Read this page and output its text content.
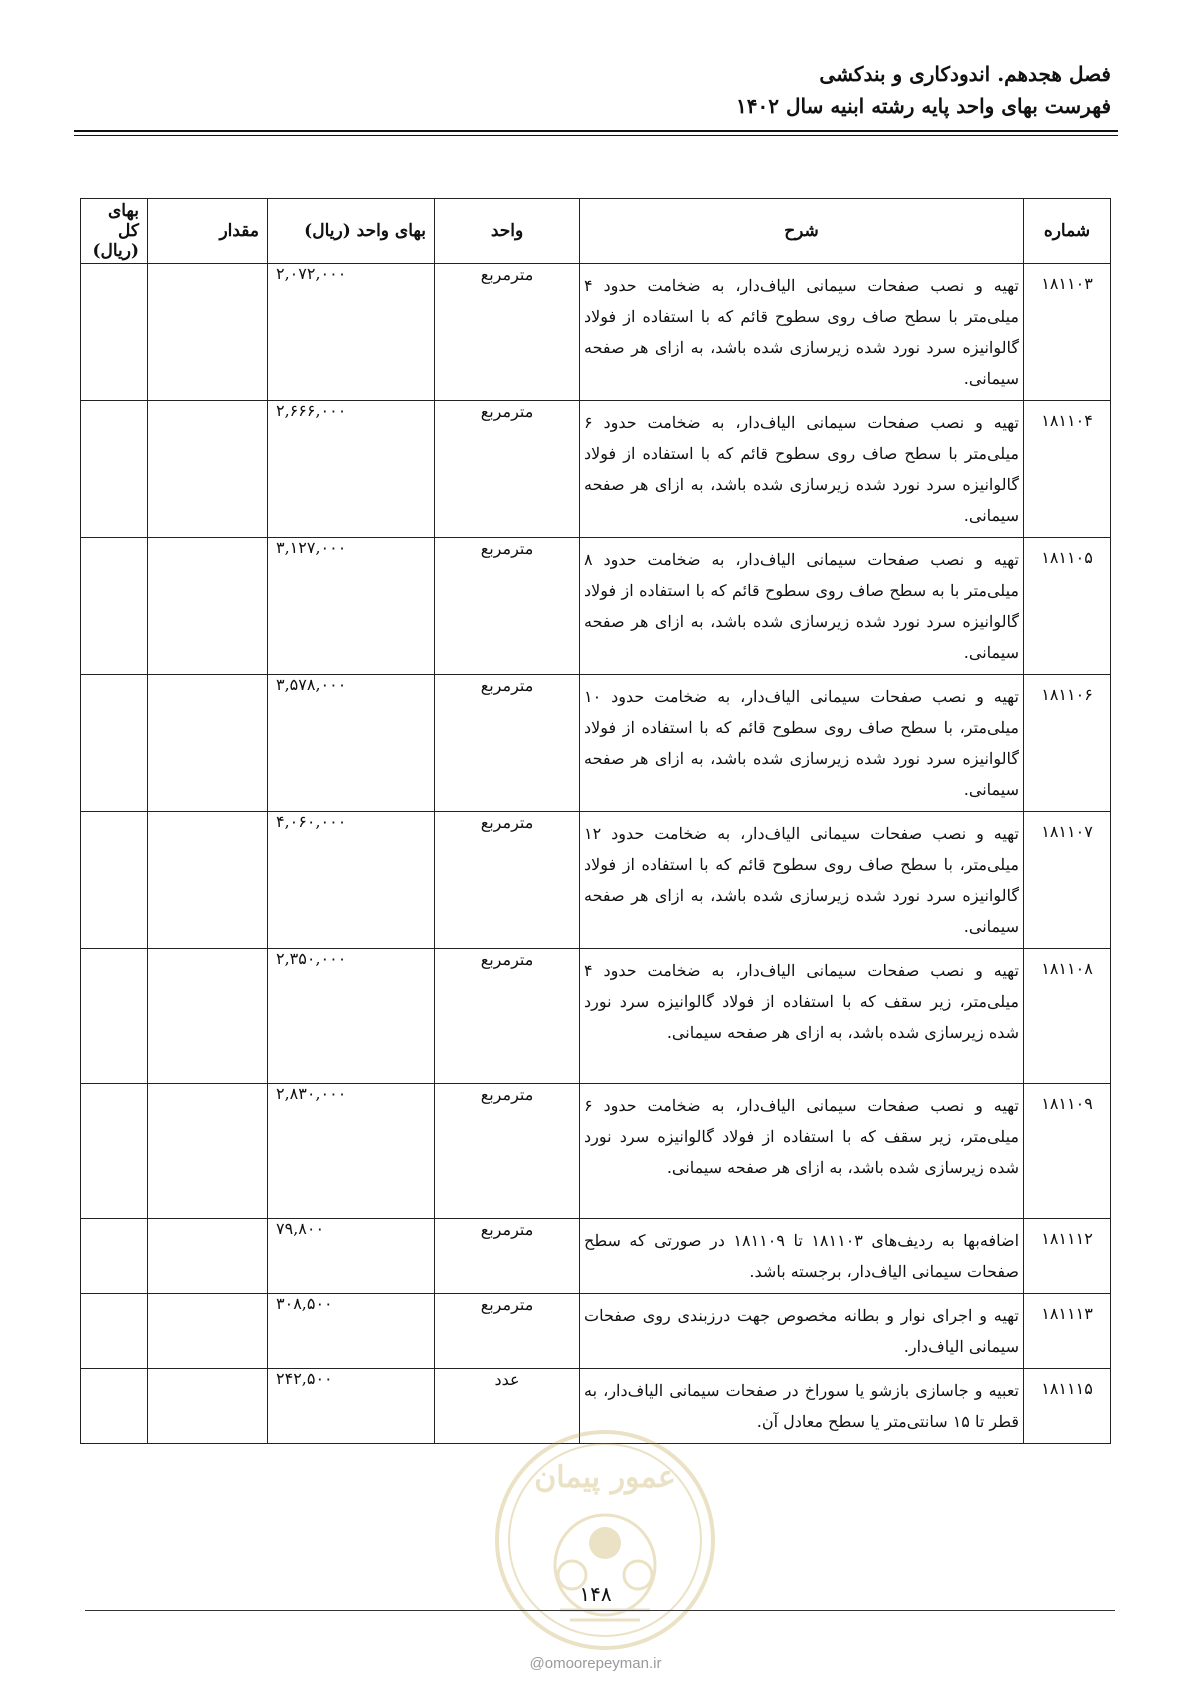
فصل هجدهم. اندودکاری و بندکشی
فهرست بهای واحد پایه رشته ابنیه سال ۱۴۰۲
شماره	شرح	واحد	بهای واحد (ریال)	مقدار	بهای کل (ریال)
۱۸۱۱۰۳	تهیه و نصب صفحات سیمانی الیاف‌دار، به ضخامت حدود ۴ میلی‌متر با سطح صاف روی سطوح قائم که با استفاده از فولاد گالوانیزه سرد نورد شده زیرسازی شده باشد، به ازای هر صفحه سیمانی.	مترمربع	۲,۰۷۲,۰۰۰		
۱۸۱۱۰۴	تهیه و نصب صفحات سیمانی الیاف‌دار، به ضخامت حدود ۶ میلی‌متر با سطح صاف روی سطوح قائم که با استفاده از فولاد گالوانیزه سرد نورد شده زیرسازی شده باشد، به ازای هر صفحه سیمانی.	مترمربع	۲,۶۶۶,۰۰۰		
۱۸۱۱۰۵	تهیه و نصب صفحات سیمانی الیاف‌دار، به ضخامت حدود ۸ میلی‌متر با به سطح صاف روی سطوح قائم که با استفاده از فولاد گالوانیزه سرد نورد شده زیرسازی شده باشد، به ازای هر صفحه سیمانی.	مترمربع	۳,۱۲۷,۰۰۰		
۱۸۱۱۰۶	تهیه و نصب صفحات سیمانی الیاف‌دار، به ضخامت حدود ۱۰ میلی‌متر، با سطح صاف روی سطوح قائم که با استفاده از فولاد گالوانیزه سرد نورد شده زیرسازی شده باشد، به ازای هر صفحه سیمانی.	مترمربع	۳,۵۷۸,۰۰۰		
۱۸۱۱۰۷	تهیه و نصب صفحات سیمانی الیاف‌دار، به ضخامت حدود ۱۲ میلی‌متر، با سطح صاف روی سطوح قائم که با استفاده از فولاد گالوانیزه سرد نورد شده زیرسازی شده باشد، به ازای هر صفحه سیمانی.	مترمربع	۴,۰۶۰,۰۰۰		
۱۸۱۱۰۸	تهیه و نصب صفحات سیمانی الیاف‌دار، به ضخامت حدود ۴ میلی‌متر، زیر سقف که با استفاده از فولاد گالوانیزه سرد نورد شده زیرسازی شده باشد، به ازای هر صفحه سیمانی.	مترمربع	۲,۳۵۰,۰۰۰		
۱۸۱۱۰۹	تهیه و نصب صفحات سیمانی الیاف‌دار، به ضخامت حدود ۶ میلی‌متر، زیر سقف که با استفاده از فولاد گالوانیزه سرد نورد شده زیرسازی شده باشد، به ازای هر صفحه سیمانی.	مترمربع	۲,۸۳۰,۰۰۰		
۱۸۱۱۱۲	اضافه‌بها به ردیف‌های ۱۸۱۱۰۳ تا ۱۸۱۱۰۹ در صورتی که سطح صفحات سیمانی الیاف‌دار، برجسته باشد.	مترمربع	۷۹,۸۰۰		
۱۸۱۱۱۳	تهیه و اجرای نوار و بطانه مخصوص جهت درزبندی روی صفحات سیمانی الیاف‌دار.	مترمربع	۳۰۸,۵۰۰		
۱۸۱۱۱۵	تعبیه و جاسازی بازشو یا سوراخ در صفحات سیمانی الیاف‌دار، به قطر تا ۱۵ سانتی‌متر یا سطح معادل آن.	عدد	۲۴۲,۵۰۰		
عمور پیمان
۱۴۸
@omoorepeyman.ir
